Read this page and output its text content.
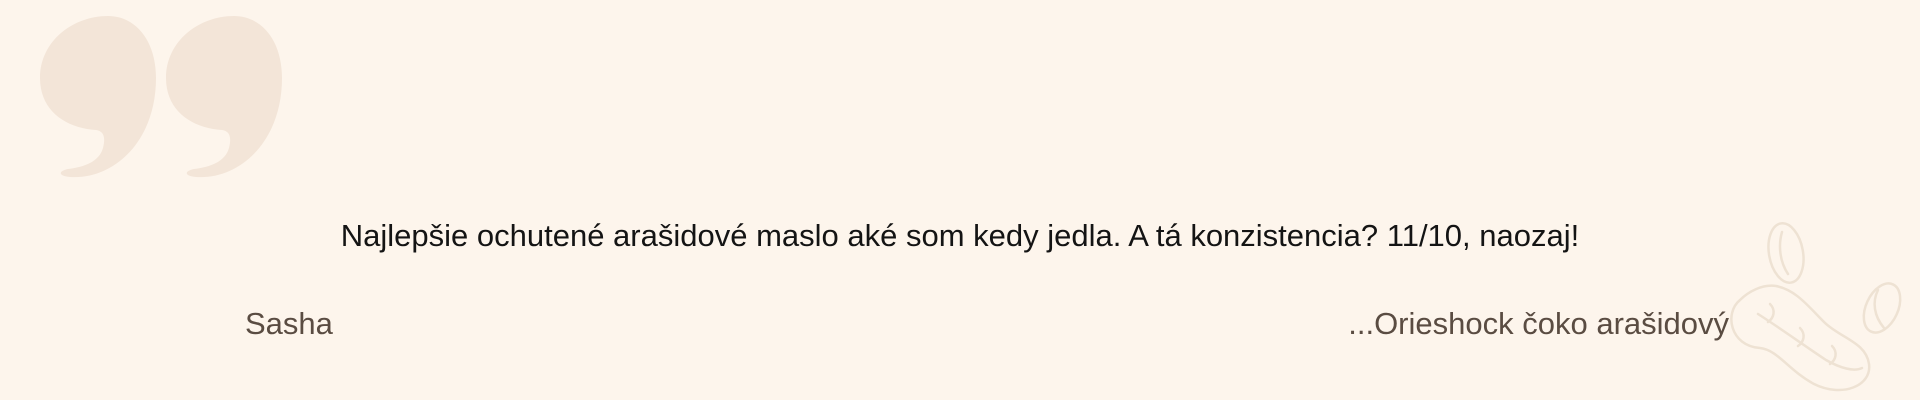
Najlepšie ochutené arašidové maslo aké som kedy jedla. A tá konzistencia? 11/10, naozaj!

Sasha	...Orieshock čoko arašidový
